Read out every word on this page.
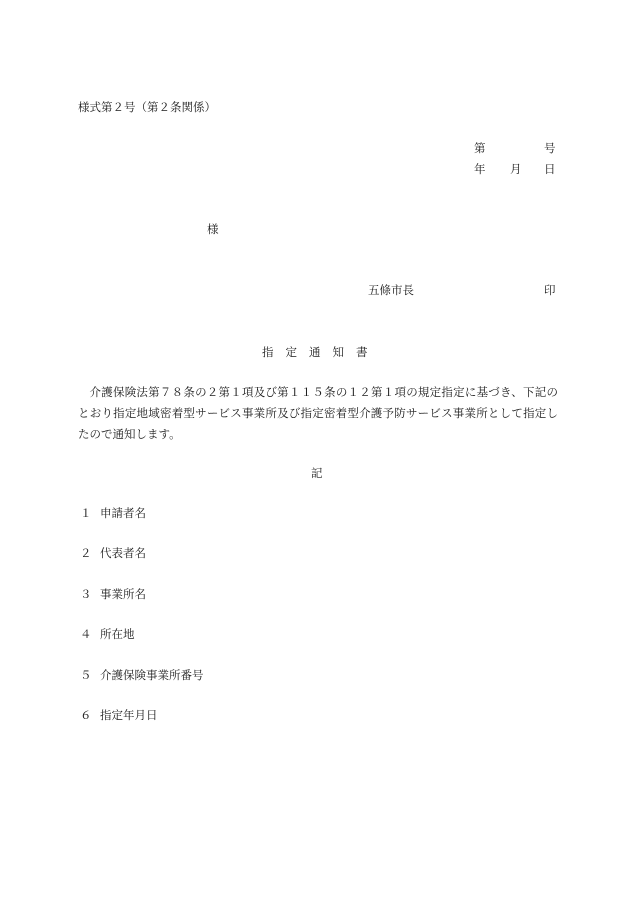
様式第２号（第２条関係）
第	号
年 月 日
様
五條市長	印
指 定 通 知 書
介護保険法第７８条の２第１項及び第１１５条の１２第１項の規定指定に基づき、下記のとおり指定地域密着型サービス事業所及び指定密着型介護予防サービス事業所として指定したので通知します。
記
１ 申請者名
２ 代表者名
３ 事業所名
４ 所在地
５ 介護保険事業所番号
６ 指定年月日
